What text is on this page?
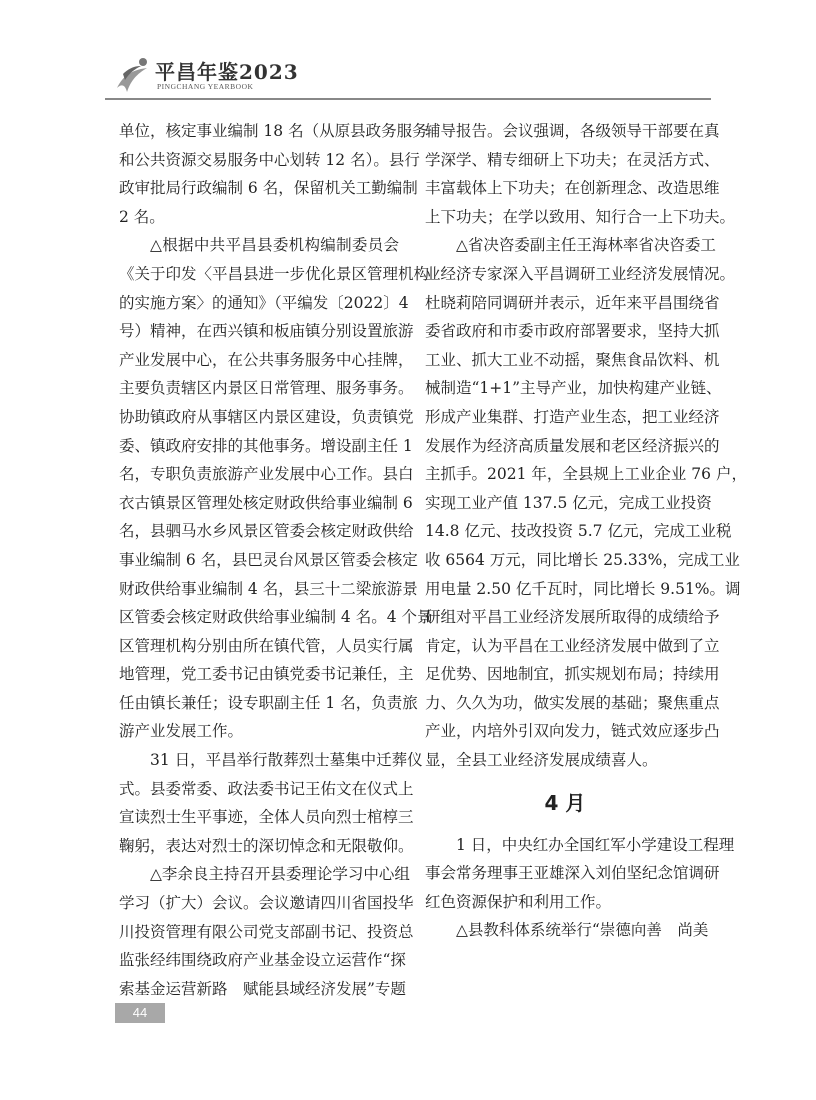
平昌年鉴2023
PINGCHANG YEARBOOK
单位，核定事业编制 18 名（从原县政务服务
和公共资源交易服务中心划转 12 名）。县行
政审批局行政编制 6 名，保留机关工勤编制
2 名。
△根据中共平昌县委机构编制委员会
《关于印发〈平昌县进一步优化景区管理机构
的实施方案〉的通知》（平编发〔2022〕4
号）精神，在西兴镇和板庙镇分别设置旅游
产业发展中心，在公共事务服务中心挂牌，
主要负责辖区内景区日常管理、服务事务。
协助镇政府从事辖区内景区建设，负责镇党
委、镇政府安排的其他事务。增设副主任 1
名，专职负责旅游产业发展中心工作。县白
衣古镇景区管理处核定财政供给事业编制 6
名，县驷马水乡风景区管委会核定财政供给
事业编制 6 名，县巴灵台风景区管委会核定
财政供给事业编制 4 名，县三十二梁旅游景
区管委会核定财政供给事业编制 4 名。4 个景
区管理机构分别由所在镇代管，人员实行属
地管理，党工委书记由镇党委书记兼任，主
任由镇长兼任；设专职副主任 1 名，负责旅
游产业发展工作。
31 日，平昌举行散葬烈士墓集中迁葬仪
式。县委常委、政法委书记王佑文在仪式上
宣读烈士生平事迹，全体人员向烈士棺椁三
鞠躬，表达对烈士的深切悼念和无限敬仰。
△李余良主持召开县委理论学习中心组
学习（扩大）会议。会议邀请四川省国投华
川投资管理有限公司党支部副书记、投资总
监张经纬围绕政府产业基金设立运营作“探
索基金运营新路　赋能县域经济发展”专题
辅导报告。会议强调，各级领导干部要在真
学深学、精专细研上下功夫；在灵活方式、
丰富载体上下功夫；在创新理念、改造思维
上下功夫；在学以致用、知行合一上下功夫。
△省决咨委副主任王海林率省决咨委工
业经济专家深入平昌调研工业经济发展情况。
杜晓莉陪同调研并表示，近年来平昌围绕省
委省政府和市委市政府部署要求，坚持大抓
工业、抓大工业不动摇，聚焦食品饮料、机
械制造“1+1”主导产业，加快构建产业链、
形成产业集群、打造产业生态，把工业经济
发展作为经济高质量发展和老区经济振兴的
主抓手。2021 年，全县规上工业企业 76 户，
实现工业产值 137.5 亿元，完成工业投资
14.8 亿元、技改投资 5.7 亿元，完成工业税
收 6564 万元，同比增长 25.33%，完成工业
用电量 2.50 亿千瓦时，同比增长 9.51%。调
研组对平昌工业经济发展所取得的成绩给予
肯定，认为平昌在工业经济发展中做到了立
足优势、因地制宜，抓实规划布局；持续用
力、久久为功，做实发展的基础；聚焦重点
产业，内培外引双向发力，链式效应逐步凸
显，全县工业经济发展成绩喜人。
4 月
1 日，中央红办全国红军小学建设工程理
事会常务理事王亚雄深入刘伯坚纪念馆调研
红色资源保护和利用工作。
△县教科体系统举行“崇德向善　尚美
44
